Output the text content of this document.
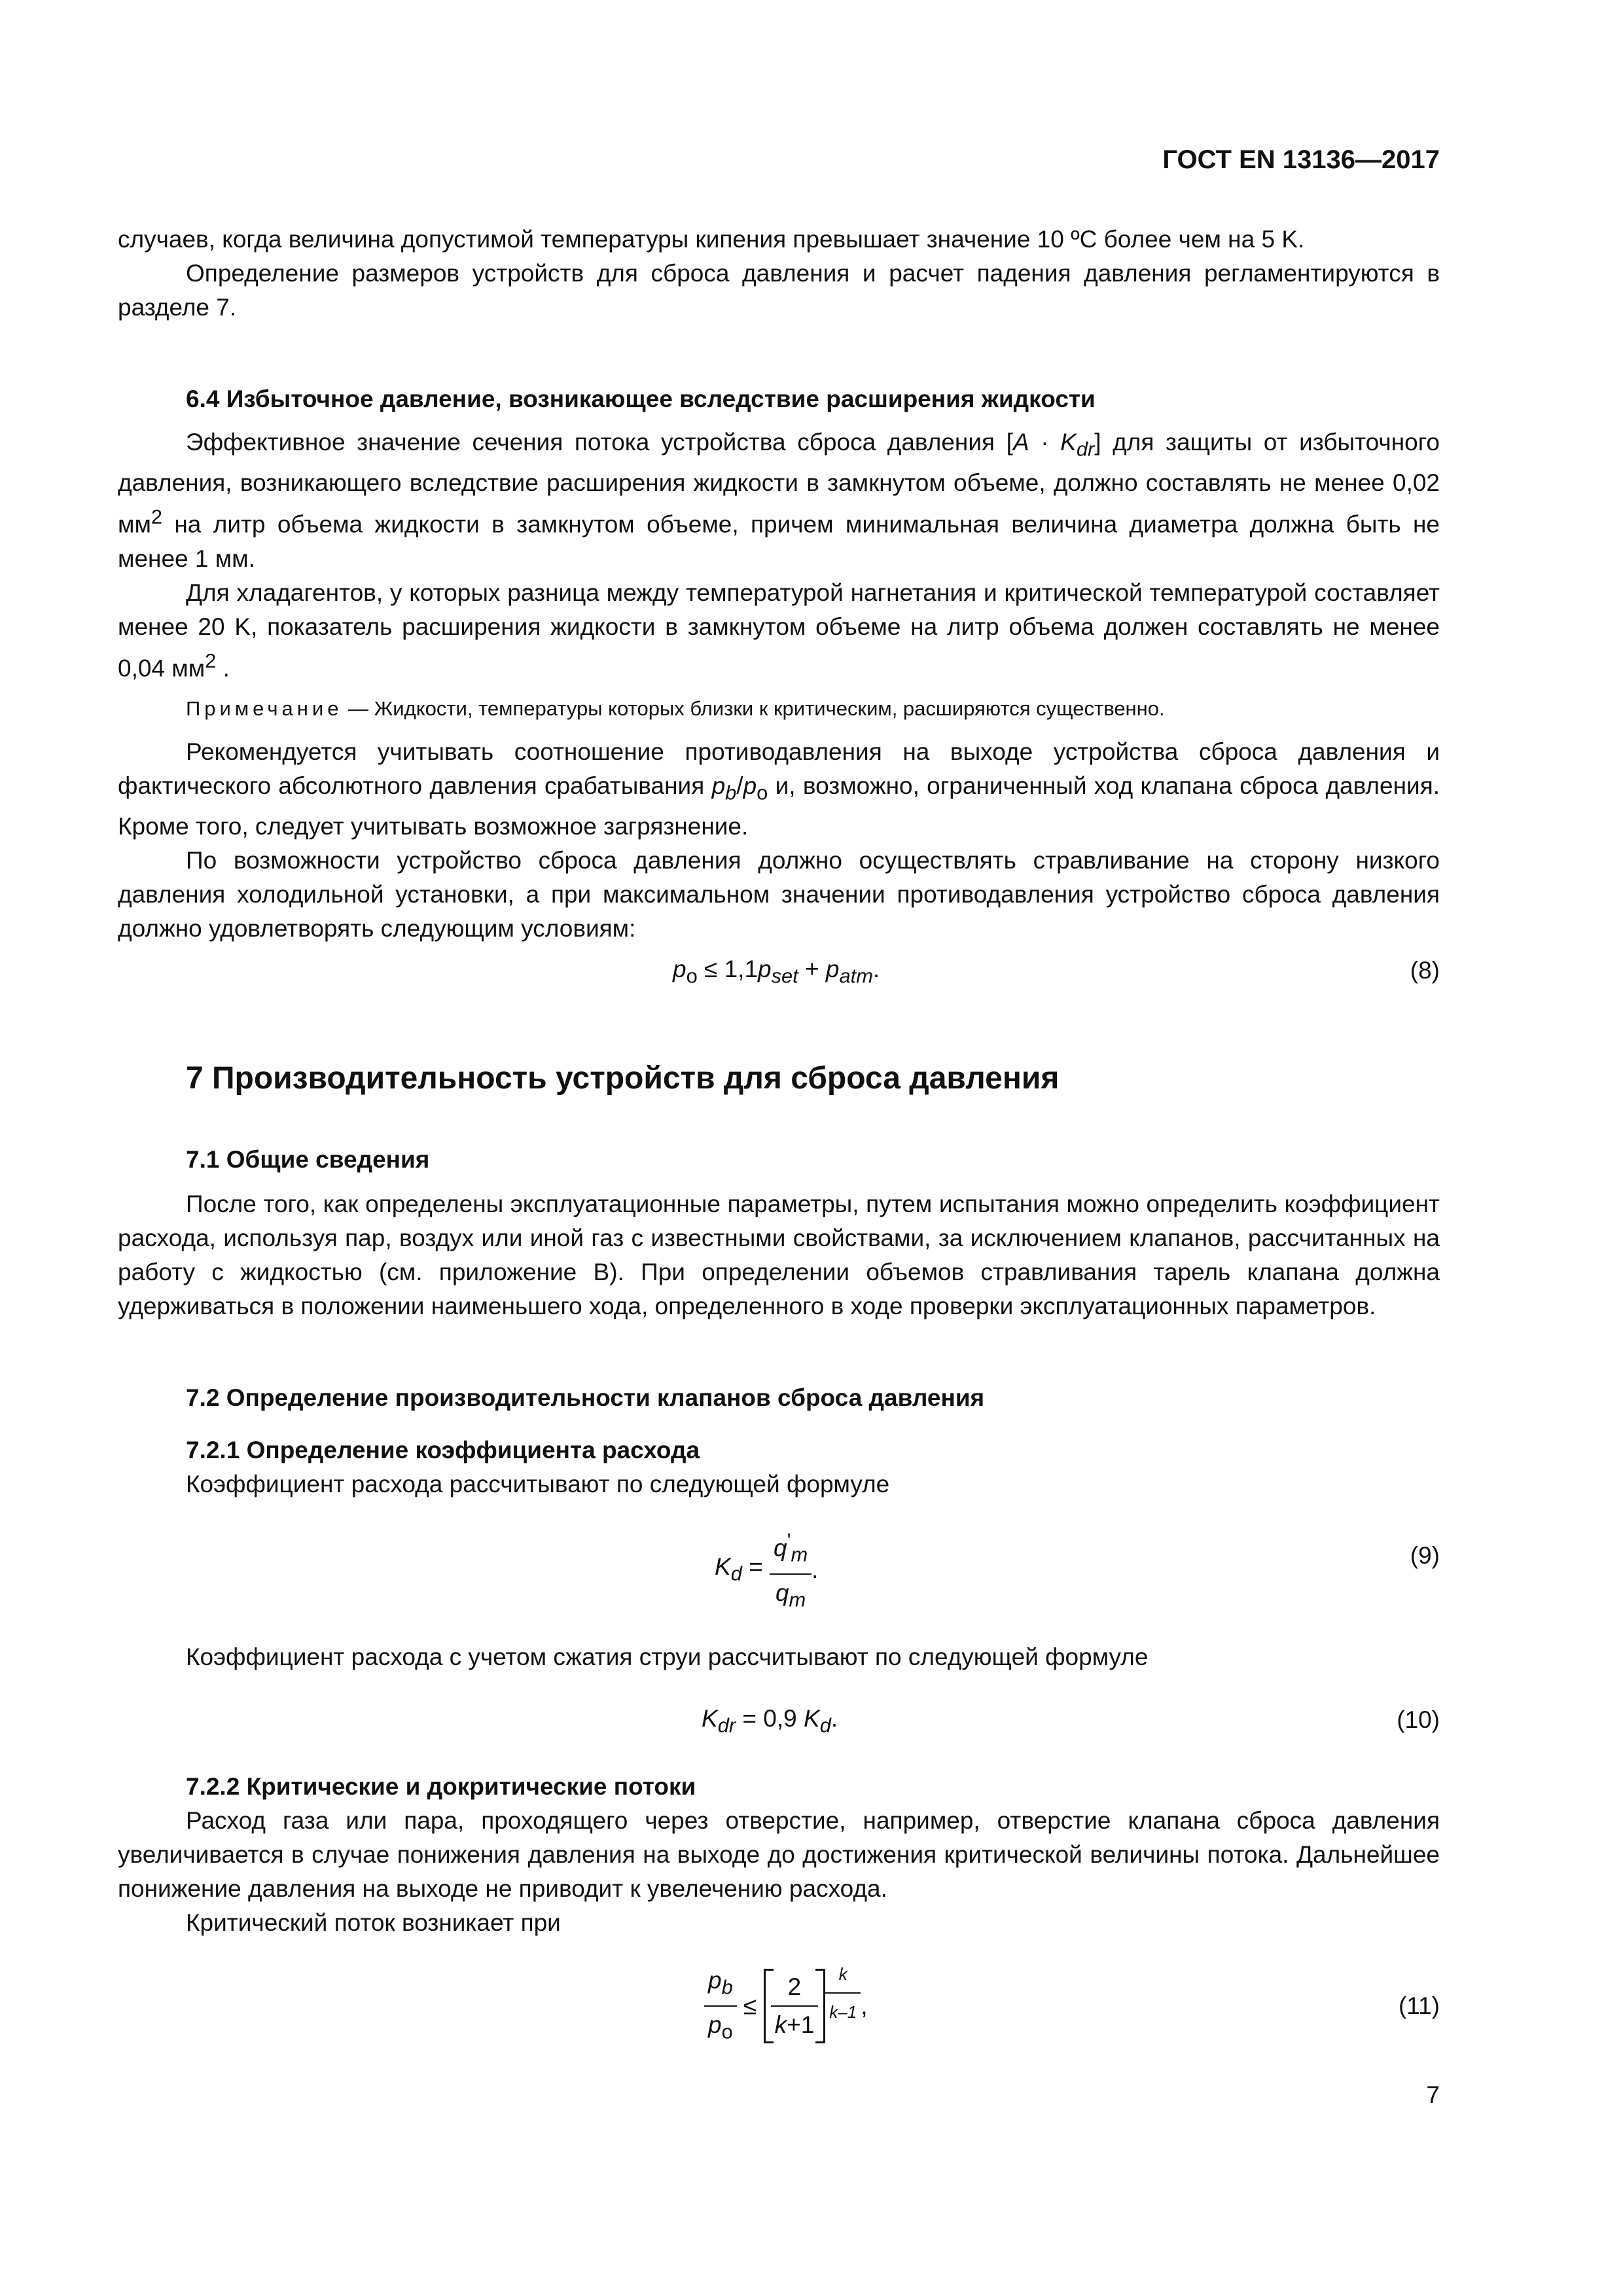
ГОСТ EN 13136—2017

случаев, когда величина допустимой температуры кипения превышает значение 10 ºС более чем на 5 K.

Определение размеров устройств для сброса давления и расчет падения давления регламентируются в разделе 7.

6.4 Избыточное давление, возникающее вследствие расширения жидкости

Эффективное значение сечения потока устройства сброса давления $[A \cdot K_{dr}]$ для защиты от избыточного давления, возникающего вследствие расширения жидкости в замкнутом объеме, должно составлять не менее 0,02 $мм^2$ на литр объема жидкости в замкнутом объеме, причем минимальная величина диаметра должна быть не менее 1 мм.

Для хладагентов, у которых разница между температурой нагнетания и критической температурой составляет менее 20 K, показатель расширения жидкости в замкнутом объеме на литр объема должен составлять не менее 0,04 $мм^2$ .

Примечание — Жидкости, температуры которых близки к критическим, расширяются существенно.

Рекомендуется учитывать соотношение противодавления на выходе устройства сброса давления и фактического абсолютного давления срабатывания $p_b/p_o$ и, возможно, ограниченный ход клапана сброса давления. Кроме того, следует учитывать возможное загрязнение.

По возможности устройство сброса давления должно осуществлять стравливание на сторону низкого давления холодильной установки, а при максимальном значении противодавления устройство сброса давления должно удовлетворять следующим условиям:

$p_o \le 1,1p_{set} + p_{atm}$.	(8)

7 Производительность устройств для сброса давления

7.1 Общие сведения

После того, как определены эксплуатационные параметры, путем испытания можно определить коэффициент расхода, используя пар, воздух или иной газ с известными свойствами, за исключением клапанов, рассчитанных на работу с жидкостью (см. приложение В). При определении объемов стравливания тарель клапана должна удерживаться в положении наименьшего хода, определенного в ходе проверки эксплуатационных параметров.

7.2 Определение производительности клапанов сброса давления

7.2.1 Определение коэффициента расхода

Коэффициент расхода рассчитывают по следующей формуле

$K_d = \frac{q'_m}{q_m}$ .
(9)

Коэффициент расхода с учетом сжатия струи рассчитывают по следующей формуле

$K_{dr} = 0,9$ $K_d$.	(10)

7.2.2 Критические и докритические потоки

Расход газа или пара, проходящего через отверстие, например, отверстие клапана сброса давления увеличивается в случае понижения давления на выходе до достижения критической величины потока. Дальнейшее понижение давления на выходе не приводит к увелечению расхода.

Критический поток возникает при

$\frac{p_b}{p_o} \le \frac{2}{k+1} \frac{k}{k-1}$ ,	(11)
7
